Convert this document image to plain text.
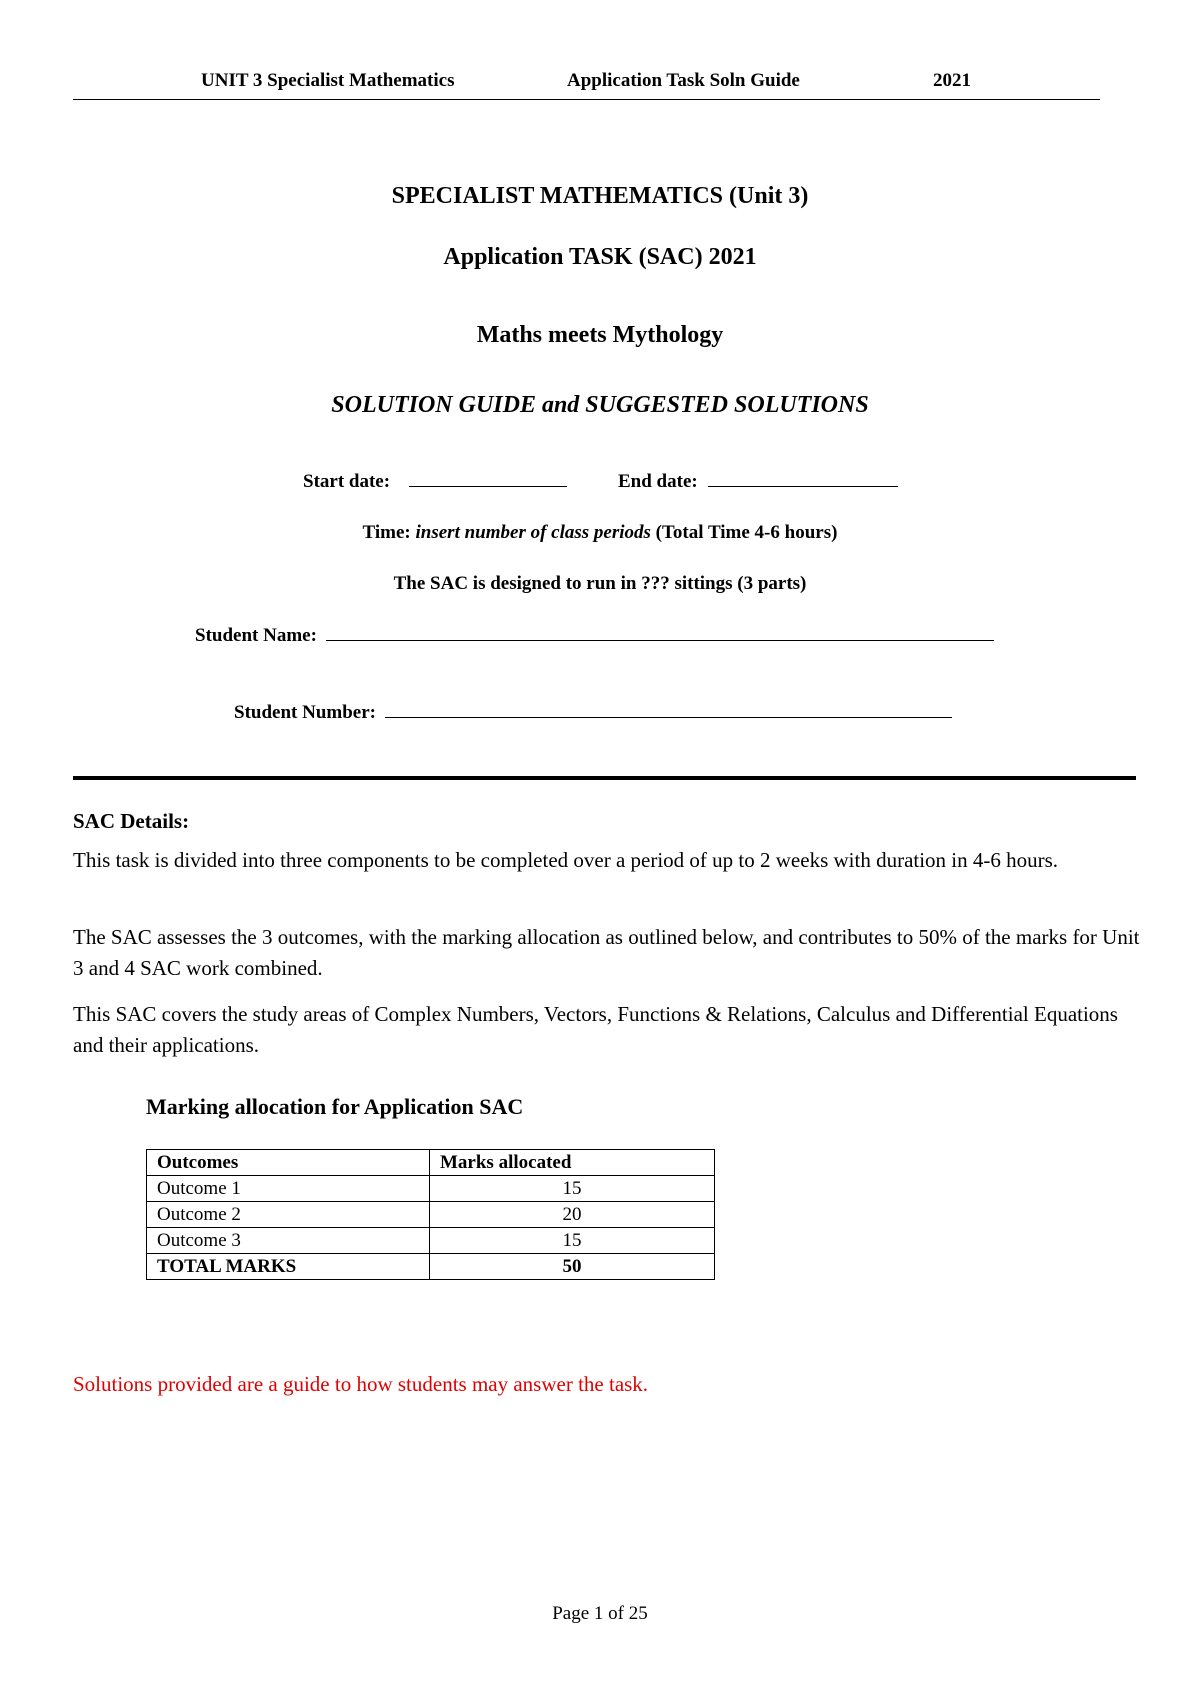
UNIT 3 Specialist Mathematics	Application Task Soln Guide	2021
SPECIALIST MATHEMATICS (Unit 3)
Application TASK (SAC) 2021
Maths meets Mythology
SOLUTION GUIDE and SUGGESTED SOLUTIONS
Start date:	End date:
Time: insert number of class periods (Total Time 4-6 hours)
The SAC is designed to run in ??? sittings (3 parts)
Student Name:
Student Number:
SAC Details:
This task is divided into three components to be completed over a period of up to 2 weeks with duration in 4-6 hours.
The SAC assesses the 3 outcomes, with the marking allocation as outlined below, and contributes to 50% of the marks for Unit 3 and 4 SAC work combined.
This SAC covers the study areas of Complex Numbers, Vectors, Functions & Relations, Calculus and Differential Equations and their applications.
Marking allocation for Application SAC
Outcomes	Marks allocated
Outcome 1	15
Outcome 2	20
Outcome 3	15
TOTAL MARKS	50
Solutions provided are a guide to how students may answer the task.
Page 1 of 25
